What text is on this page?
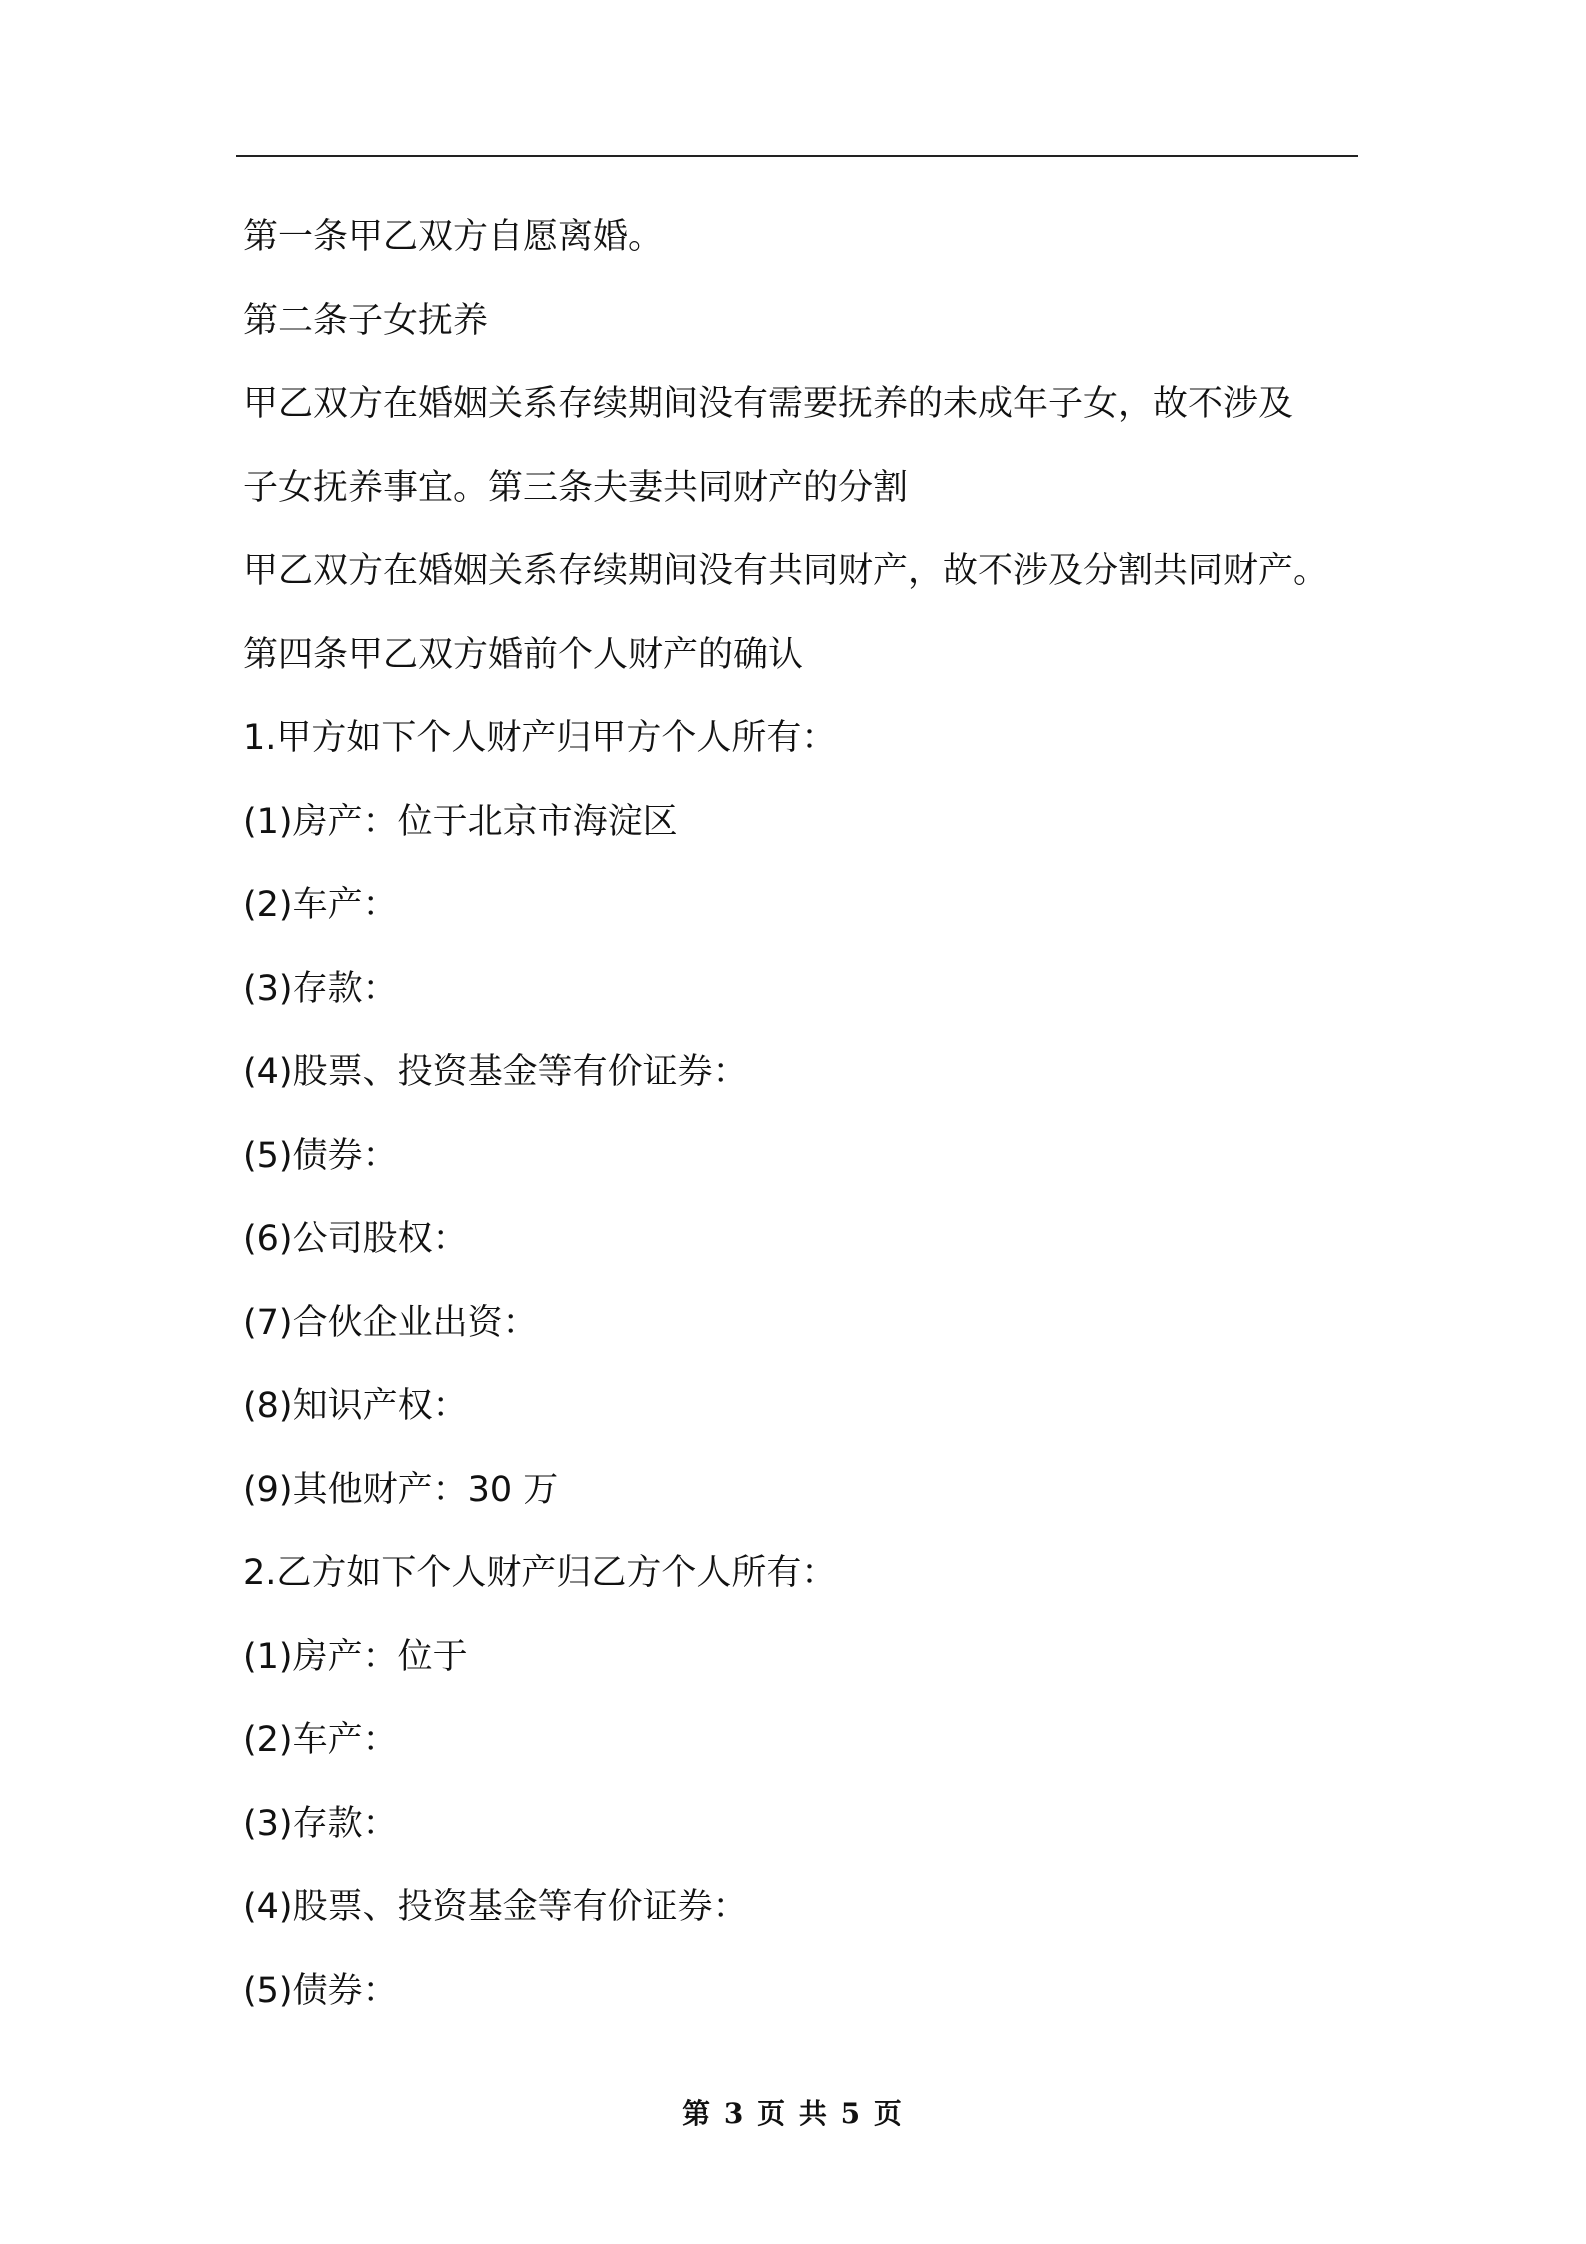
第一条甲乙双方自愿离婚。
第二条子女抚养
甲乙双方在婚姻关系存续期间没有需要抚养的未成年子女，故不涉及
子女抚养事宜。第三条夫妻共同财产的分割
甲乙双方在婚姻关系存续期间没有共同财产，故不涉及分割共同财产。
第四条甲乙双方婚前个人财产的确认
1.甲方如下个人财产归甲方个人所有：
(1)房产：位于北京市海淀区
(2)车产：
(3)存款：
(4)股票、投资基金等有价证券：
(5)债券：
(6)公司股权：
(7)合伙企业出资：
(8)知识产权：
(9)其他财产：30 万
2.乙方如下个人财产归乙方个人所有：
(1)房产：位于
(2)车产：
(3)存款：
(4)股票、投资基金等有价证券：
(5)债券：
第 3 页 共 5 页
